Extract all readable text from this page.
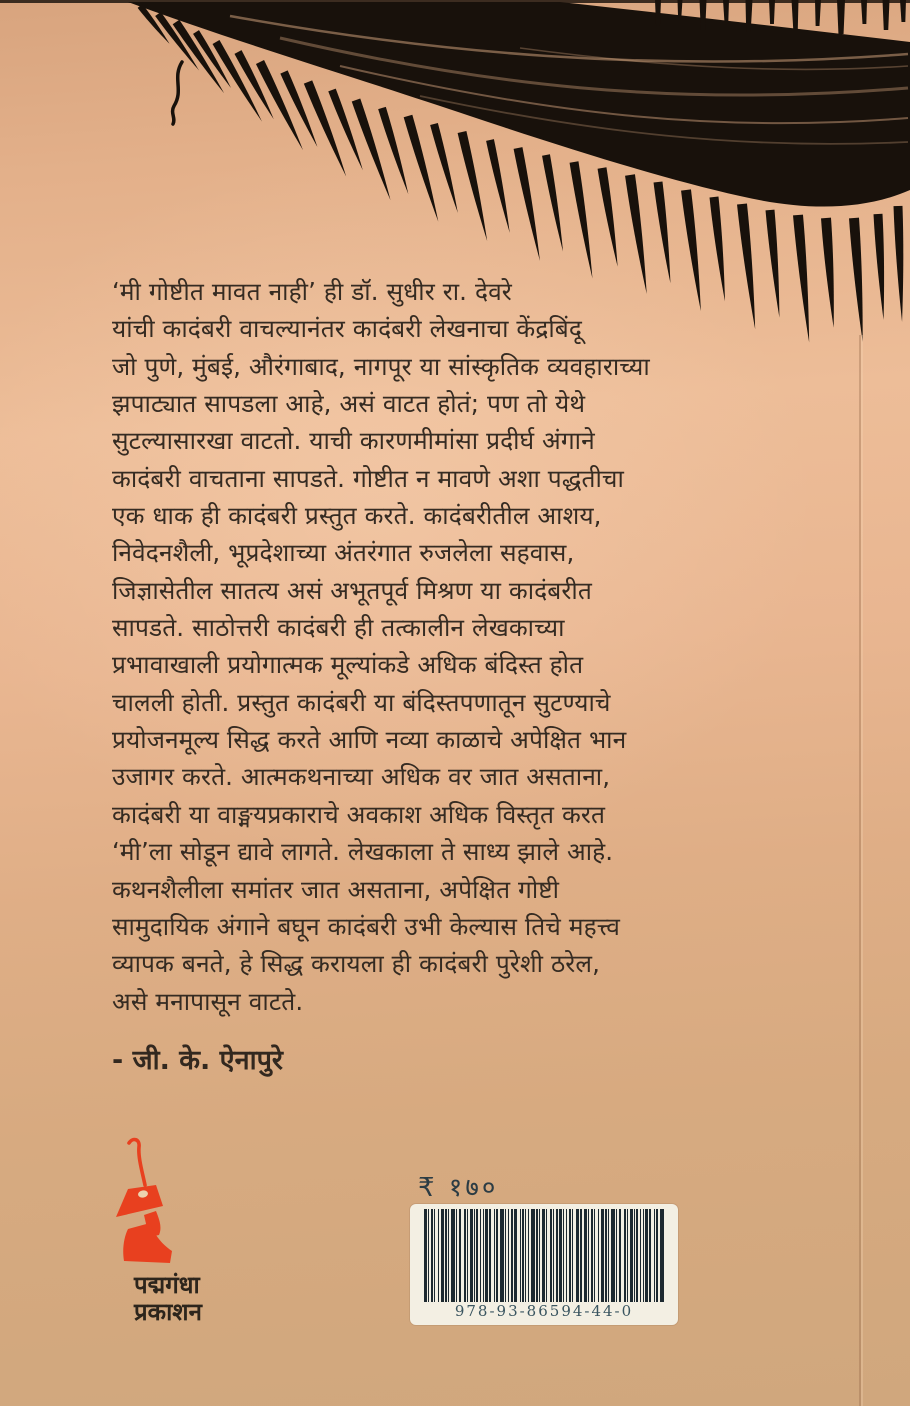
‘मी गोष्टीत मावत नाही’ ही डॉ. सुधीर रा. देवरे
यांची कादंबरी वाचल्यानंतर कादंबरी लेखनाचा केंद्रबिंदू
जो पुणे, मुंबई, औरंगाबाद, नागपूर या सांस्कृतिक व्यवहाराच्या
झपाट्यात सापडला आहे, असं वाटत होतं; पण तो येथे
सुटल्यासारखा वाटतो. याची कारणमीमांसा प्रदीर्घ अंगाने
कादंबरी वाचताना सापडते. गोष्टीत न मावणे अशा पद्धतीचा
एक धाक ही कादंबरी प्रस्तुत करते. कादंबरीतील आशय,
निवेदनशैली, भूप्रदेशाच्या अंतरंगात रुजलेला सहवास,
जिज्ञासेतील सातत्य असं अभूतपूर्व मिश्रण या कादंबरीत
सापडते. साठोत्तरी कादंबरी ही तत्कालीन लेखकाच्या
प्रभावाखाली प्रयोगात्मक मूल्यांकडे अधिक बंदिस्त होत
चालली होती. प्रस्तुत कादंबरी या बंदिस्तपणातून सुटण्याचे
प्रयोजनमूल्य सिद्ध करते आणि नव्या काळाचे अपेक्षित भान
उजागर करते. आत्मकथनाच्या अधिक वर जात असताना,
कादंबरी या वाङ्मयप्रकाराचे अवकाश अधिक विस्तृत करत
‘मी’ला सोडून द्यावे लागते. लेखकाला ते साध्य झाले आहे.
कथनशैलीला समांतर जात असताना, अपेक्षित गोष्टी
सामुदायिक अंगाने बघून कादंबरी उभी केल्यास तिचे महत्त्व
व्यापक बनते, हे सिद्ध करायला ही कादंबरी पुरेशी ठरेल,
असे मनापासून वाटते.
- जी. के. ऐनापुरे
पद्मगंधा
प्रकाशन
₹ १७०
978-93-86594-44-0
